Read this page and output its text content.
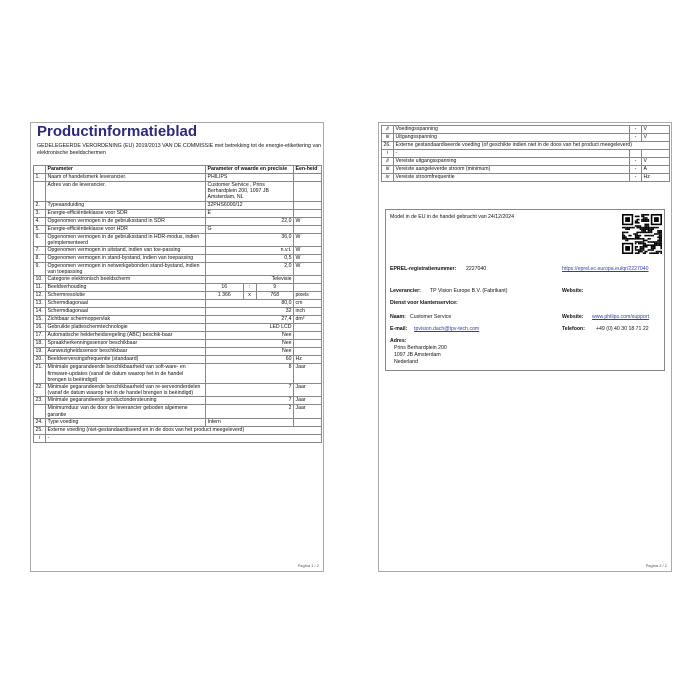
Productinformatieblad
GEDELEGEERDE VERORDENING (EU) 2019/2013 VAN DE COMMISSIE met betrekking tot de energie-etikettering van elektronische beeldschermen
	Parameter	Parameter of waarde en precisie	Een-heid
1.	Naam of handelsmerk leverancier.	PHILIPS	
	Adres van de leverancier.	Customer Service , Prins Berhardplein 200, 1097 JB Amsterdam, NL	
2.	Typeaanduiding	32PHS6000/12	
3.	Energie-efficiëntieklasse voor SDR	E	
4.	Opgenomen vermogen in de gebruiksstand in SDR	22,0	W
5.	Energie-efficiëntieklasse voor HDR	G	
6.	Opgenomen vermogen in de gebruiksstand in HDR-modus, indien geïmplementeerd	36,0	W
7.	Opgenomen vermogen in uitstand, indien van toe-passing	n.v.t.	W
8.	Opgenomen vermogen in stand-bystand, indien van toepassing	0,5	W
9.	Opgenomen vermogen in netwerkgebonden stand-bystand, indien van toepassing	2,0	W
10.	Categorie elektronisch beeldscherm	Televisie	
11.	Beeldverhouding	16 : 9	

12.	Schermresolutie	1 366 x 768	pixels
13.	Schermdiagonaal	80,0	cm
14.	Schermdiagonaal	32	inch
15.	Zichtbaar schermoppervlak	27,4	dm²
16.	Gebruikte platteschermtechnologie	LED LCD	
17.	Automatische helderheidsregeling (ABC) beschik-baar	Nee	
18.	Spraakherkenningssensor beschikbaar	Nee	
19.	Aanwezigheidssensor beschikbaar	Nee	
20.	Beeldverversingsfrequentie (standaard)	60	Hz
21.	Minimale gegarandeerde beschikbaarheid van soft-ware- en firmware-updates (vanaf de datum waarop het in de handel brengen is beëindigd)	8	Jaar
22.	Minimale gegarandeerde beschikbaarheid van re-serveonderdelen (vanaf de datum waarop het in de handel brengen is beëindigd)	7	Jaar
23.	Minimale gegarandeerde productondersteuning	7	Jaar
	Minimumduur van de door de leverancier geboden algemene garantie	2	Jaar
24.	Type voeding	Intern	
25.	Externe voeding (niet-gestandaardiseerd en in de doos van het product meegeleverd)		
i	-		
Pagina 1 / 2
ii	Voedingsspanning	-	V
iii	Uitgangsspanning	-	V
26.	Externe gestandaardiseerde voeding (of geschikte indien niet in de doos van het product meegeleverd)		
i	-		
ii	Vereiste uitgangsspanning	-	V
iii	Vereiste aangeleverde stroom (minimum)	-	A
iv	Vereiste stroomfrequentie	-	Hz
Model in de EU in de handel gebracht van 24/12/2024
EPREL-registratienummer: 2227040	https://eprel.ec.europa.eu/qr/2227040
Leverancier: TP Vision Europe B.V. (Fabrikant)	Website:
Dienst voor klantenservice:
Naam: Customer Service	Website: www.philips.com/support
E-mail: tpvision.dach@tpv-tech.com	Telefoon: +49 (0) 40 30 18 71 22
Adres:
Prins Berhardplein 200
1097 JB Amsterdam
Nederland
Pagina 2 / 2
